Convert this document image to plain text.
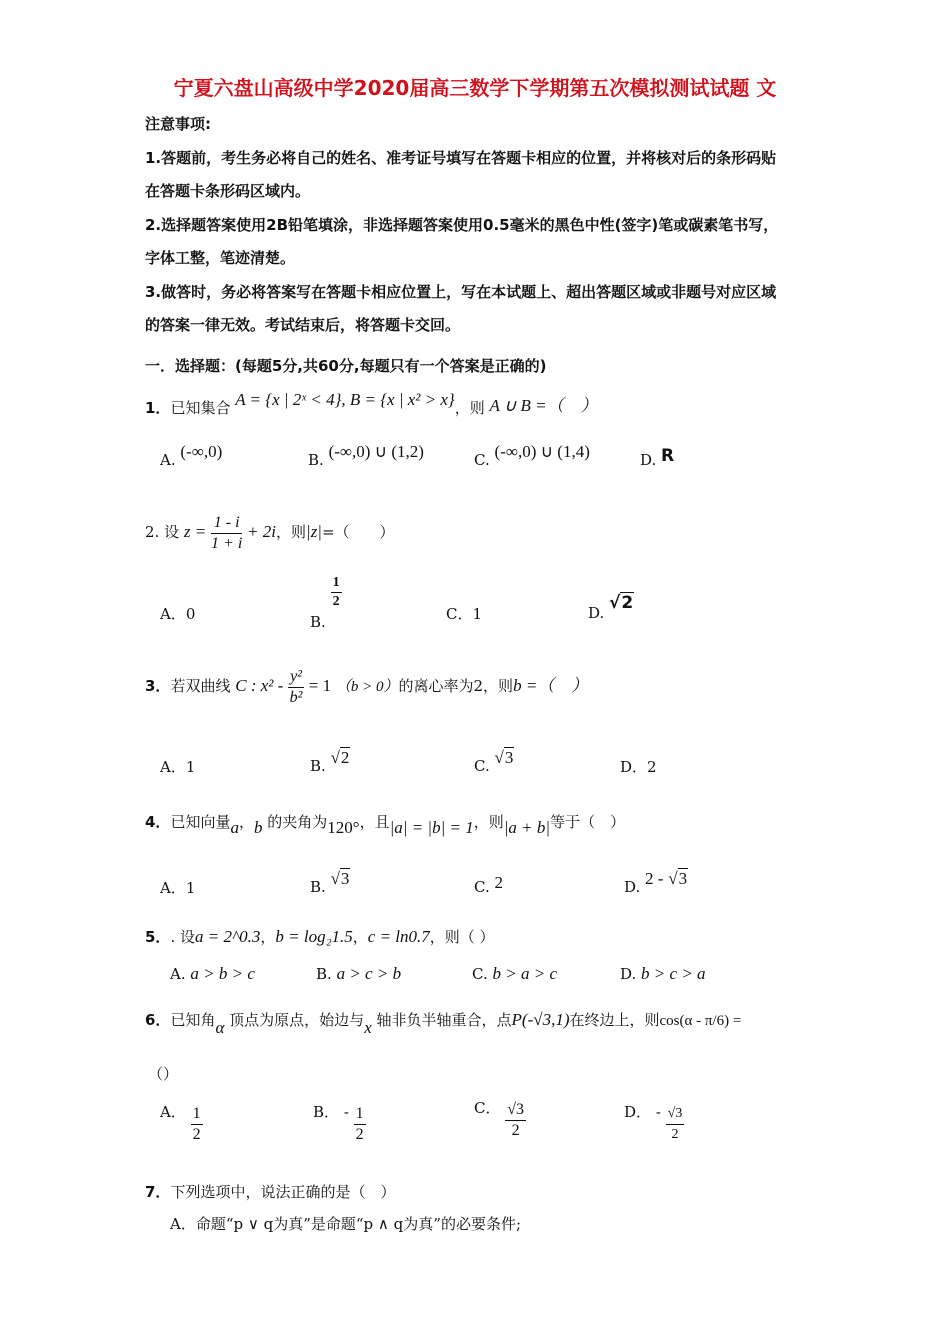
宁夏六盘山高级中学2020届高三数学下学期第五次模拟测试试题 文
注意事项:
1.答题前，考生务必将自己的姓名、准考证号填写在答题卡相应的位置，并将核对后的条形码贴
在答题卡条形码区域内。
2.选择题答案使用2B铅笔填涂，非选择题答案使用0.5毫米的黑色中性(签字)笔或碳素笔书写，
字体工整，笔迹清楚。
3.做答时，务必将答案写在答题卡相应位置上，写在本试题上、超出答题区域或非题号对应区域
的答案一律无效。考试结束后，将答题卡交回。
一．选择题：(每题5分,共60分,每题只有一个答案是正确的)
1．已知集合 A = {x | 2ˣ < 4}, B = {x | x² > x}，则 A ∪ B =（　）
A. (-∞,0)	B. (-∞,0) ∪ (1,2)	C. (-∞,0) ∪ (1,4)	D. R
2. 设 $z = \frac{1 - i}{1 + i} + 2i$，则|z|=（　　）
A．0	B.
$\frac{1}{2}$
C．1	D. √2
3．若双曲线 C : $x^2 - \frac{\text{y²}}{\text{b²}} = 1$ （b > 0）的离心率为2，则b =（　）
A．1	B. √2	C. √3	D．2
4．已知向量a，b 的夹角为120°，且|a| = |b| = 1，则|a + b|等于（　）
A．1	B. √3	C. 2	D. 2 - √3
5．. 设a = 2^0.3，b = log₂1.5，c = ln0.7，则（ ）
A. a > b > c	B. a > c > b	C. b > a > c	D. b > c > a
6．已知角α 顶点为原点，始边与x 轴非负半轴重合，点P(-√3,1)在终边上，则cos(α - π/6) =
（）
A． $\frac{1}{2}$	B． - $\frac{1}{2}$	C． $\frac{√3}{2}$	D． - $\frac{√3}{2}$
7．下列选项中，说法正确的是（　）
A．命题“p ∨ q为真”是命题“p ∧ q为真”的必要条件;
